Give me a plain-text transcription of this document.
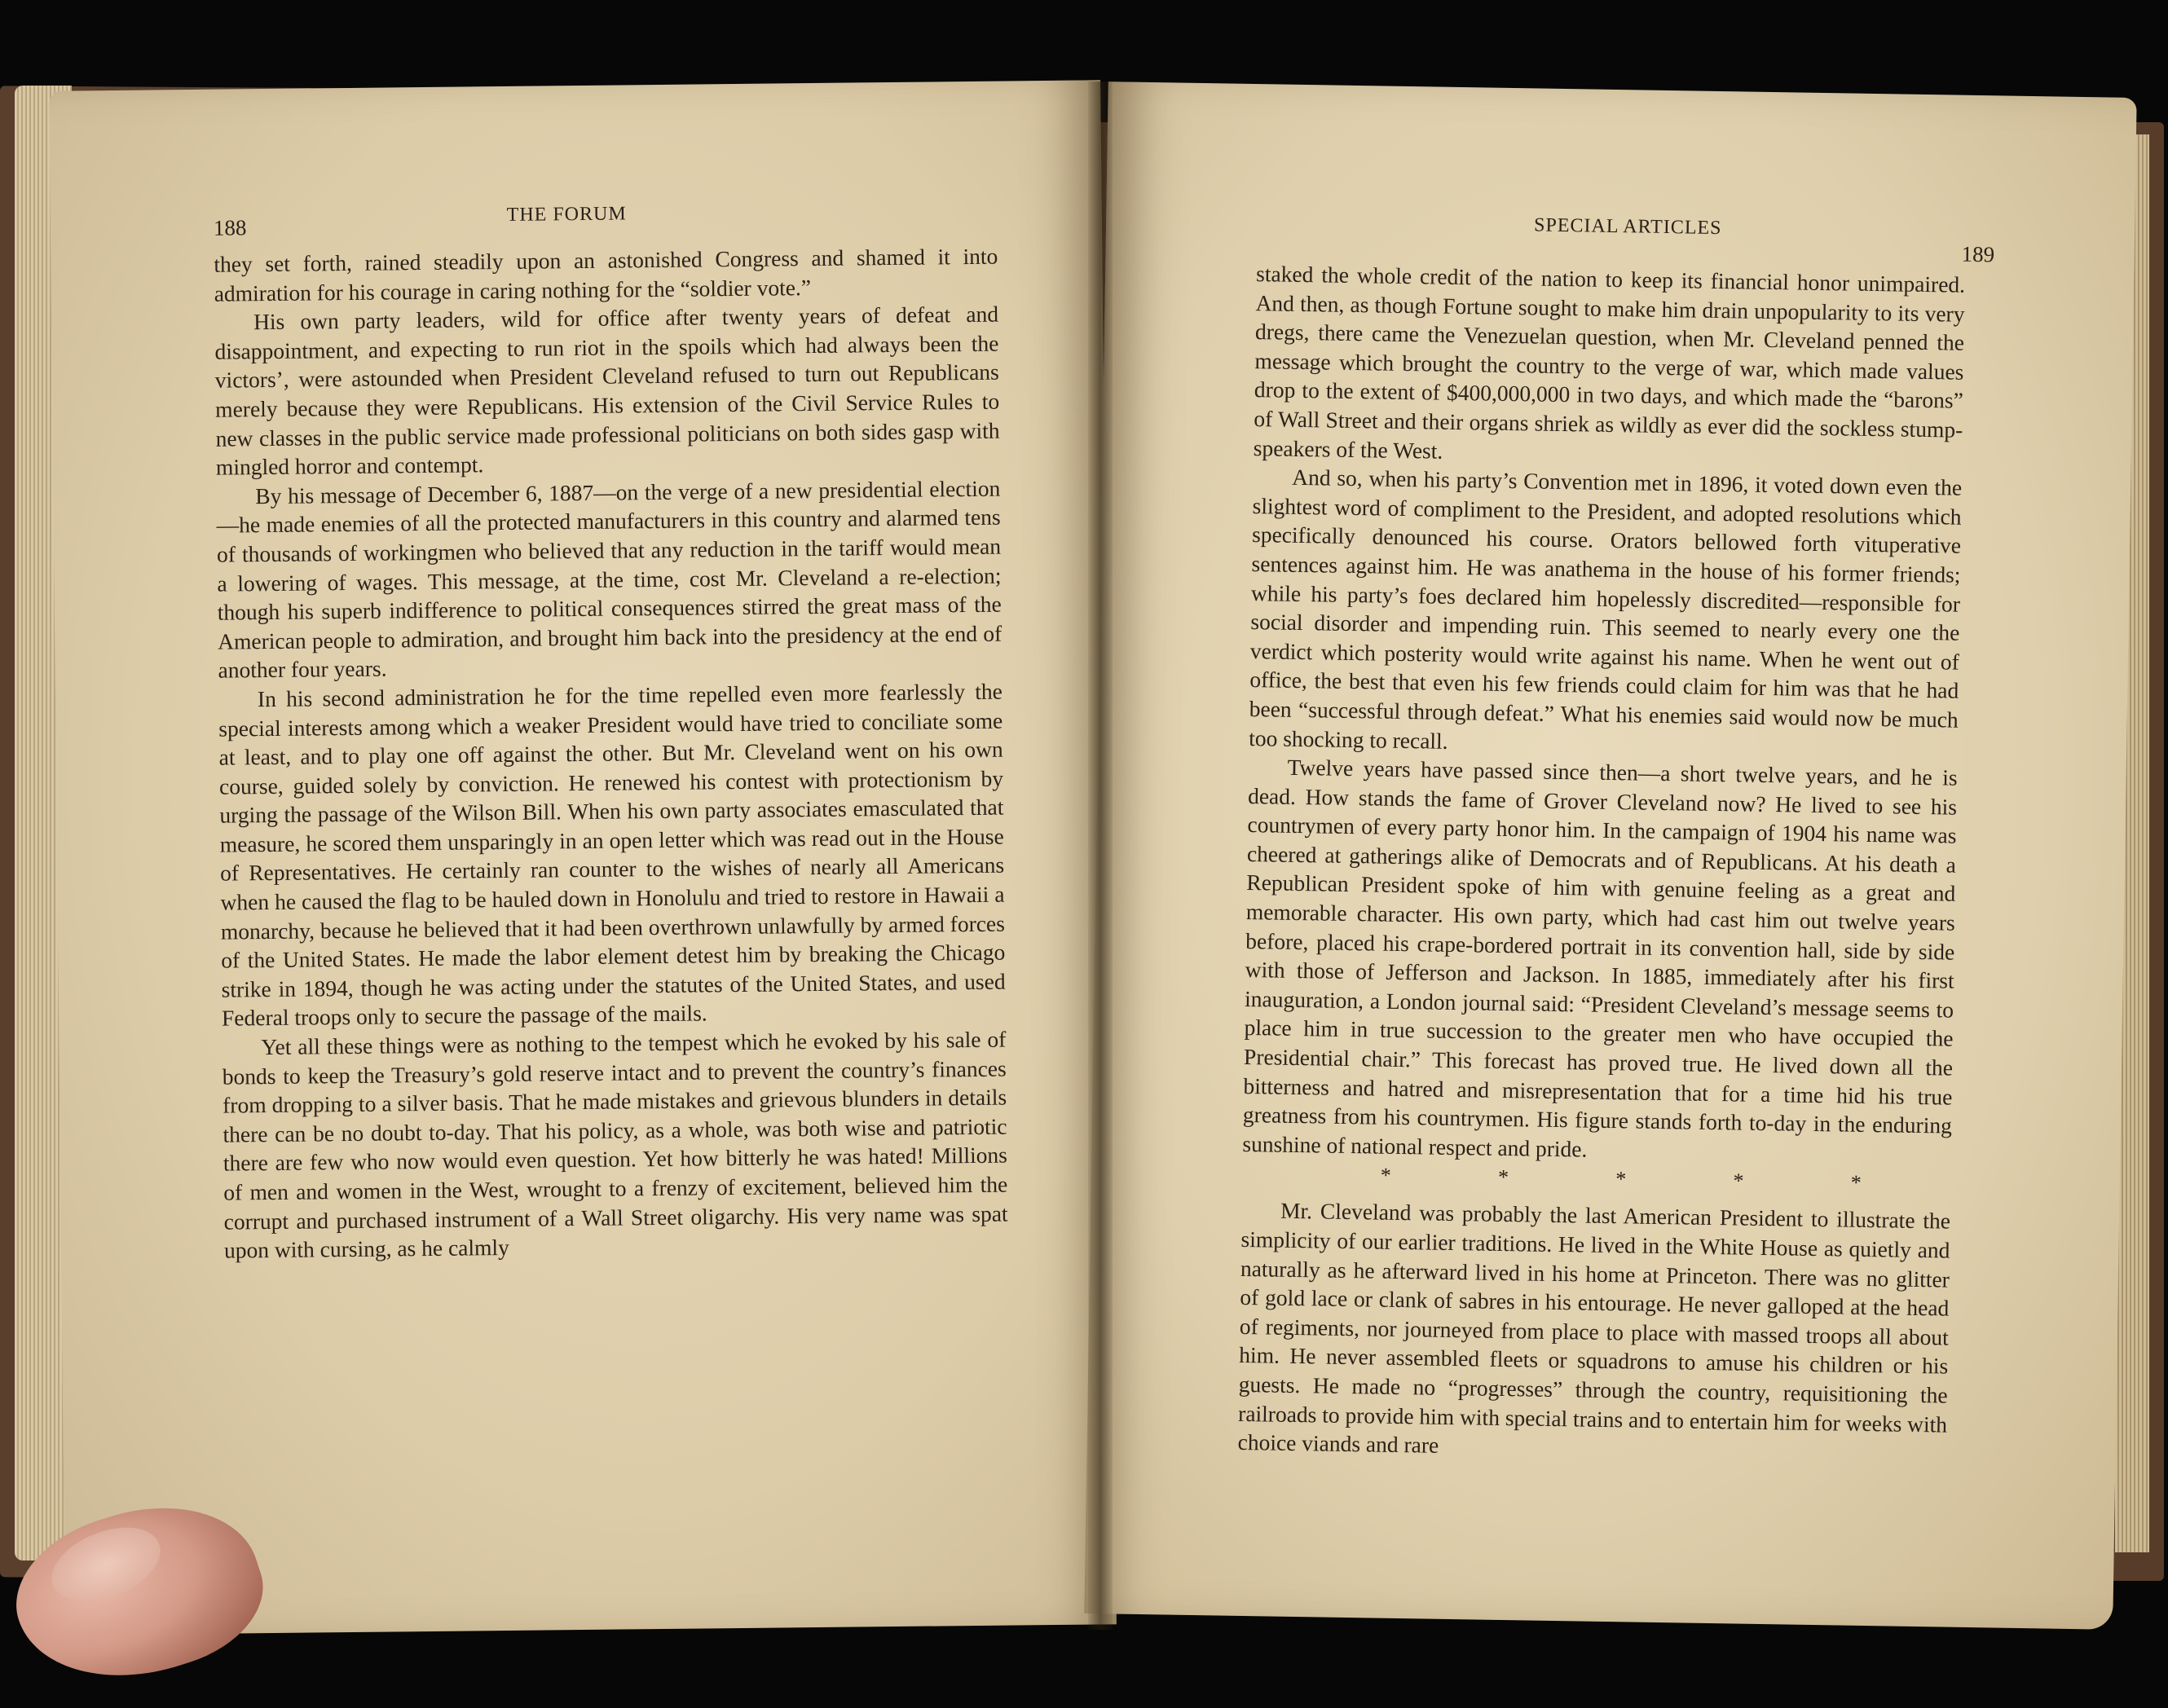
188
THE FORUM

they set forth, rained steadily upon an astonished Congress and shamed it into admiration for his courage in caring nothing for the “soldier vote.”

His own party leaders, wild for office after twenty years of defeat and disappointment, and expecting to run riot in the spoils which had always been the victors’, were astounded when President Cleveland refused to turn out Republicans merely because they were Republicans. His extension of the Civil Service Rules to new classes in the public service made professional politicians on both sides gasp with mingled horror and contempt.

By his message of December 6, 1887—on the verge of a new presidential election—he made enemies of all the protected manufacturers in this country and alarmed tens of thousands of workingmen who believed that any reduction in the tariff would mean a lowering of wages. This message, at the time, cost Mr. Cleveland a re-election; though his superb indifference to political consequences stirred the great mass of the American people to admiration, and brought him back into the presidency at the end of another four years.

In his second administration he for the time repelled even more fearlessly the special interests among which a weaker President would have tried to conciliate some at least, and to play one off against the other. But Mr. Cleveland went on his own course, guided solely by conviction. He renewed his contest with protectionism by urging the passage of the Wilson Bill. When his own party associates emasculated that measure, he scored them unsparingly in an open letter which was read out in the House of Representatives. He certainly ran counter to the wishes of nearly all Americans when he caused the flag to be hauled down in Honolulu and tried to restore in Hawaii a monarchy, because he believed that it had been overthrown unlawfully by armed forces of the United States. He made the labor element detest him by breaking the Chicago strike in 1894, though he was acting under the statutes of the United States, and used Federal troops only to secure the passage of the mails.

Yet all these things were as nothing to the tempest which he evoked by his sale of bonds to keep the Treasury’s gold reserve intact and to prevent the country’s finances from dropping to a silver basis. That he made mistakes and grievous blunders in details there can be no doubt to-day. That his policy, as a whole, was both wise and patriotic there are few who now would even question. Yet how bitterly he was hated! Millions of men and women in the West, wrought to a frenzy of excitement, believed him the corrupt and purchased instrument of a Wall Street oligarchy. His very name was spat upon with cursing, as he calmly

SPECIAL ARTICLES
189

staked the whole credit of the nation to keep its financial honor unimpaired. And then, as though Fortune sought to make him drain unpopularity to its very dregs, there came the Venezuelan question, when Mr. Cleveland penned the message which brought the country to the verge of war, which made values drop to the extent of $400,000,000 in two days, and which made the “barons” of Wall Street and their organs shriek as wildly as ever did the sockless stump-speakers of the West.

And so, when his party’s Convention met in 1896, it voted down even the slightest word of compliment to the President, and adopted resolutions which specifically denounced his course. Orators bellowed forth vituperative sentences against him. He was anathema in the house of his former friends; while his party’s foes declared him hopelessly discredited—responsible for social disorder and impending ruin. This seemed to nearly every one the verdict which posterity would write against his name. When he went out of office, the best that even his few friends could claim for him was that he had been “successful through defeat.” What his enemies said would now be much too shocking to recall.

Twelve years have passed since then—a short twelve years, and he is dead. How stands the fame of Grover Cleveland now? He lived to see his countrymen of every party honor him. In the campaign of 1904 his name was cheered at gatherings alike of Democrats and of Republicans. At his death a Republican President spoke of him with genuine feeling as a great and memorable character. His own party, which had cast him out twelve years before, placed his crape-bordered portrait in its convention hall, side by side with those of Jefferson and Jackson. In 1885, immediately after his first inauguration, a London journal said: “President Cleveland’s message seems to place him in true succession to the greater men who have occupied the Presidential chair.” This forecast has proved true. He lived down all the bitterness and hatred and misrepresentation that for a time hid his true greatness from his countrymen. His figure stands forth to-day in the enduring sunshine of national respect and pride.

*	*	*	*	*

Mr. Cleveland was probably the last American President to illustrate the simplicity of our earlier traditions. He lived in the White House as quietly and naturally as he afterward lived in his home at Princeton. There was no glitter of gold lace or clank of sabres in his entourage. He never galloped at the head of regiments, nor journeyed from place to place with massed troops all about him. He never assembled fleets or squadrons to amuse his children or his guests. He made no “progresses” through the country, requisitioning the railroads to provide him with special trains and to entertain him for weeks with choice viands and rare
